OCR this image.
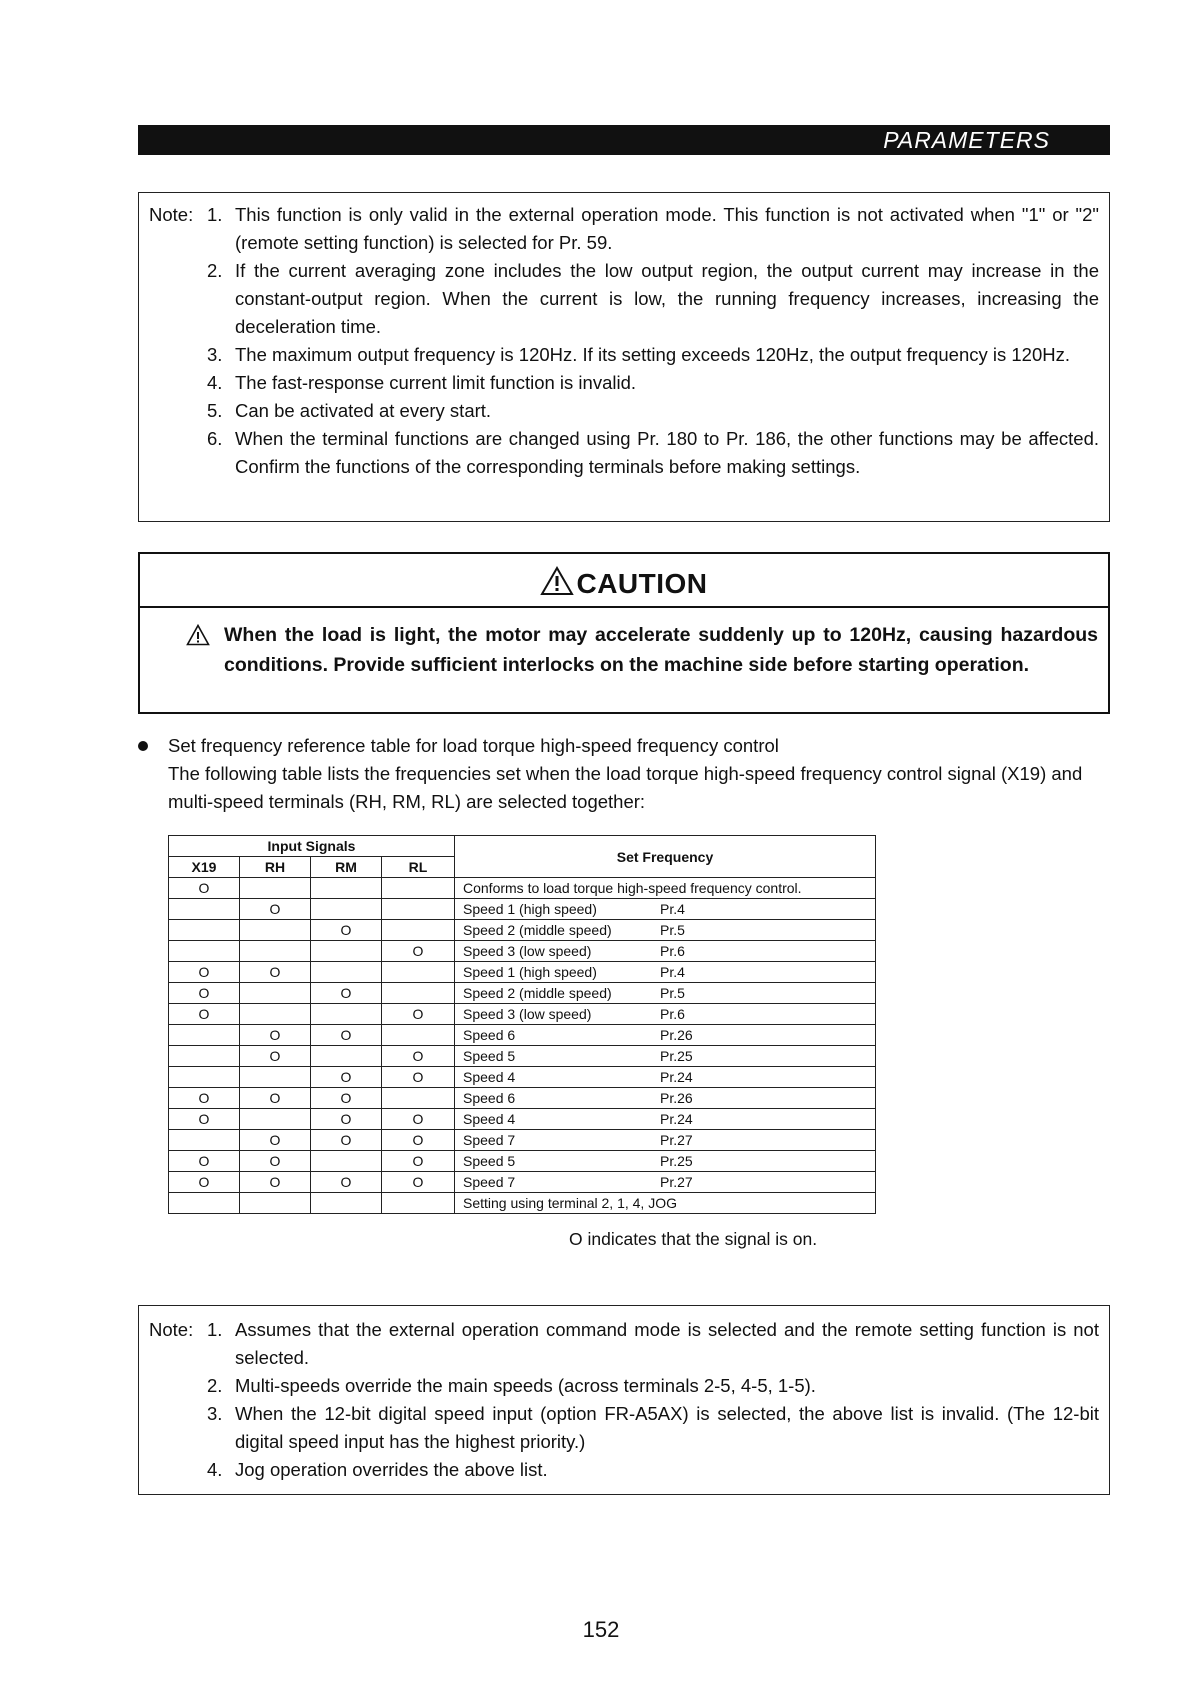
PARAMETERS
Note: 1. This function is only valid in the external operation mode. This function is not activated when "1" or "2" (remote setting function) is selected for Pr. 59.
2. If the current averaging zone includes the low output region, the output current may increase in the constant-output region. When the current is low, the running frequency increases, increasing the deceleration time.
3. The maximum output frequency is 120Hz. If its setting exceeds 120Hz, the output frequency is 120Hz.
4. The fast-response current limit function is invalid.
5. Can be activated at every start.
6. When the terminal functions are changed using Pr. 180 to Pr. 186, the other functions may be affected. Confirm the functions of the corresponding terminals before making settings.
CAUTION
When the load is light, the motor may accelerate suddenly up to 120Hz, causing hazardous conditions. Provide sufficient interlocks on the machine side before starting operation.
Set frequency reference table for load torque high-speed frequency control
The following table lists the frequencies set when the load torque high-speed frequency control signal (X19) and multi-speed terminals (RH, RM, RL) are selected together:
Input Signals				Set Frequency
X19	RH	RM	RL	
O				Conforms to load torque high-speed frequency control.
	O			Speed 1 (high speed) Pr.4
		O		Speed 2 (middle speed) Pr.5
			O	Speed 3 (low speed) Pr.6
O	O			Speed 1 (high speed) Pr.4
O		O		Speed 2 (middle speed) Pr.5
O			O	Speed 3 (low speed) Pr.6
	O	O		Speed 6 Pr.26
	O		O	Speed 5 Pr.25
		O	O	Speed 4 Pr.24
O	O	O		Speed 6 Pr.26
O		O	O	Speed 4 Pr.24
	O	O	O	Speed 7 Pr.27
O	O		O	Speed 5 Pr.25
O	O	O	O	Speed 7 Pr.27
				Setting using terminal 2, 1, 4, JOG
O indicates that the signal is on.
Note: 1. Assumes that the external operation command mode is selected and the remote setting function is not selected.
2. Multi-speeds override the main speeds (across terminals 2-5, 4-5, 1-5).
3. When the 12-bit digital speed input (option FR-A5AX) is selected, the above list is invalid. (The 12-bit digital speed input has the highest priority.)
4. Jog operation overrides the above list.
152
